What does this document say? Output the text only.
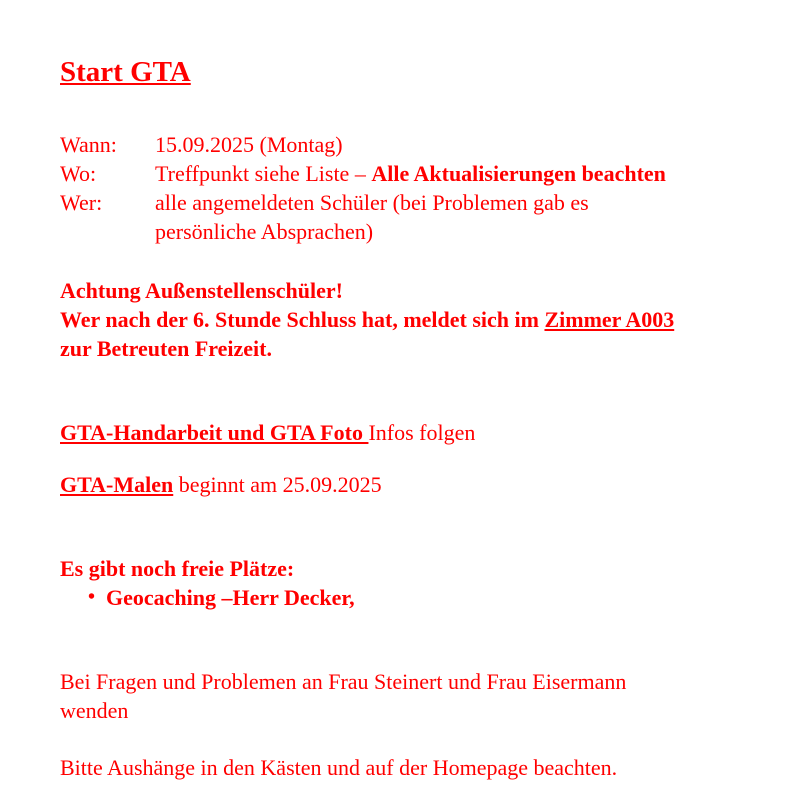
Start GTA
Wann:	15.09.2025 (Montag)
Wo:	Treffpunkt siehe Liste – Alle Aktualisierungen beachten
Wer:	alle angemeldeten Schüler (bei Problemen gab es
persönliche Absprachen)
Achtung Außenstellenschüler!
Wer nach der 6. Stunde Schluss hat, meldet sich im Zimmer A003
zur Betreuten Freizeit.
GTA-Handarbeit und GTA Foto Infos folgen
GTA-Malen beginnt am 25.09.2025
Es gibt noch freie Plätze:
• Geocaching –Herr Decker,
Bei Fragen und Problemen an Frau Steinert und Frau Eisermann
wenden
Bitte Aushänge in den Kästen und auf der Homepage beachten.
